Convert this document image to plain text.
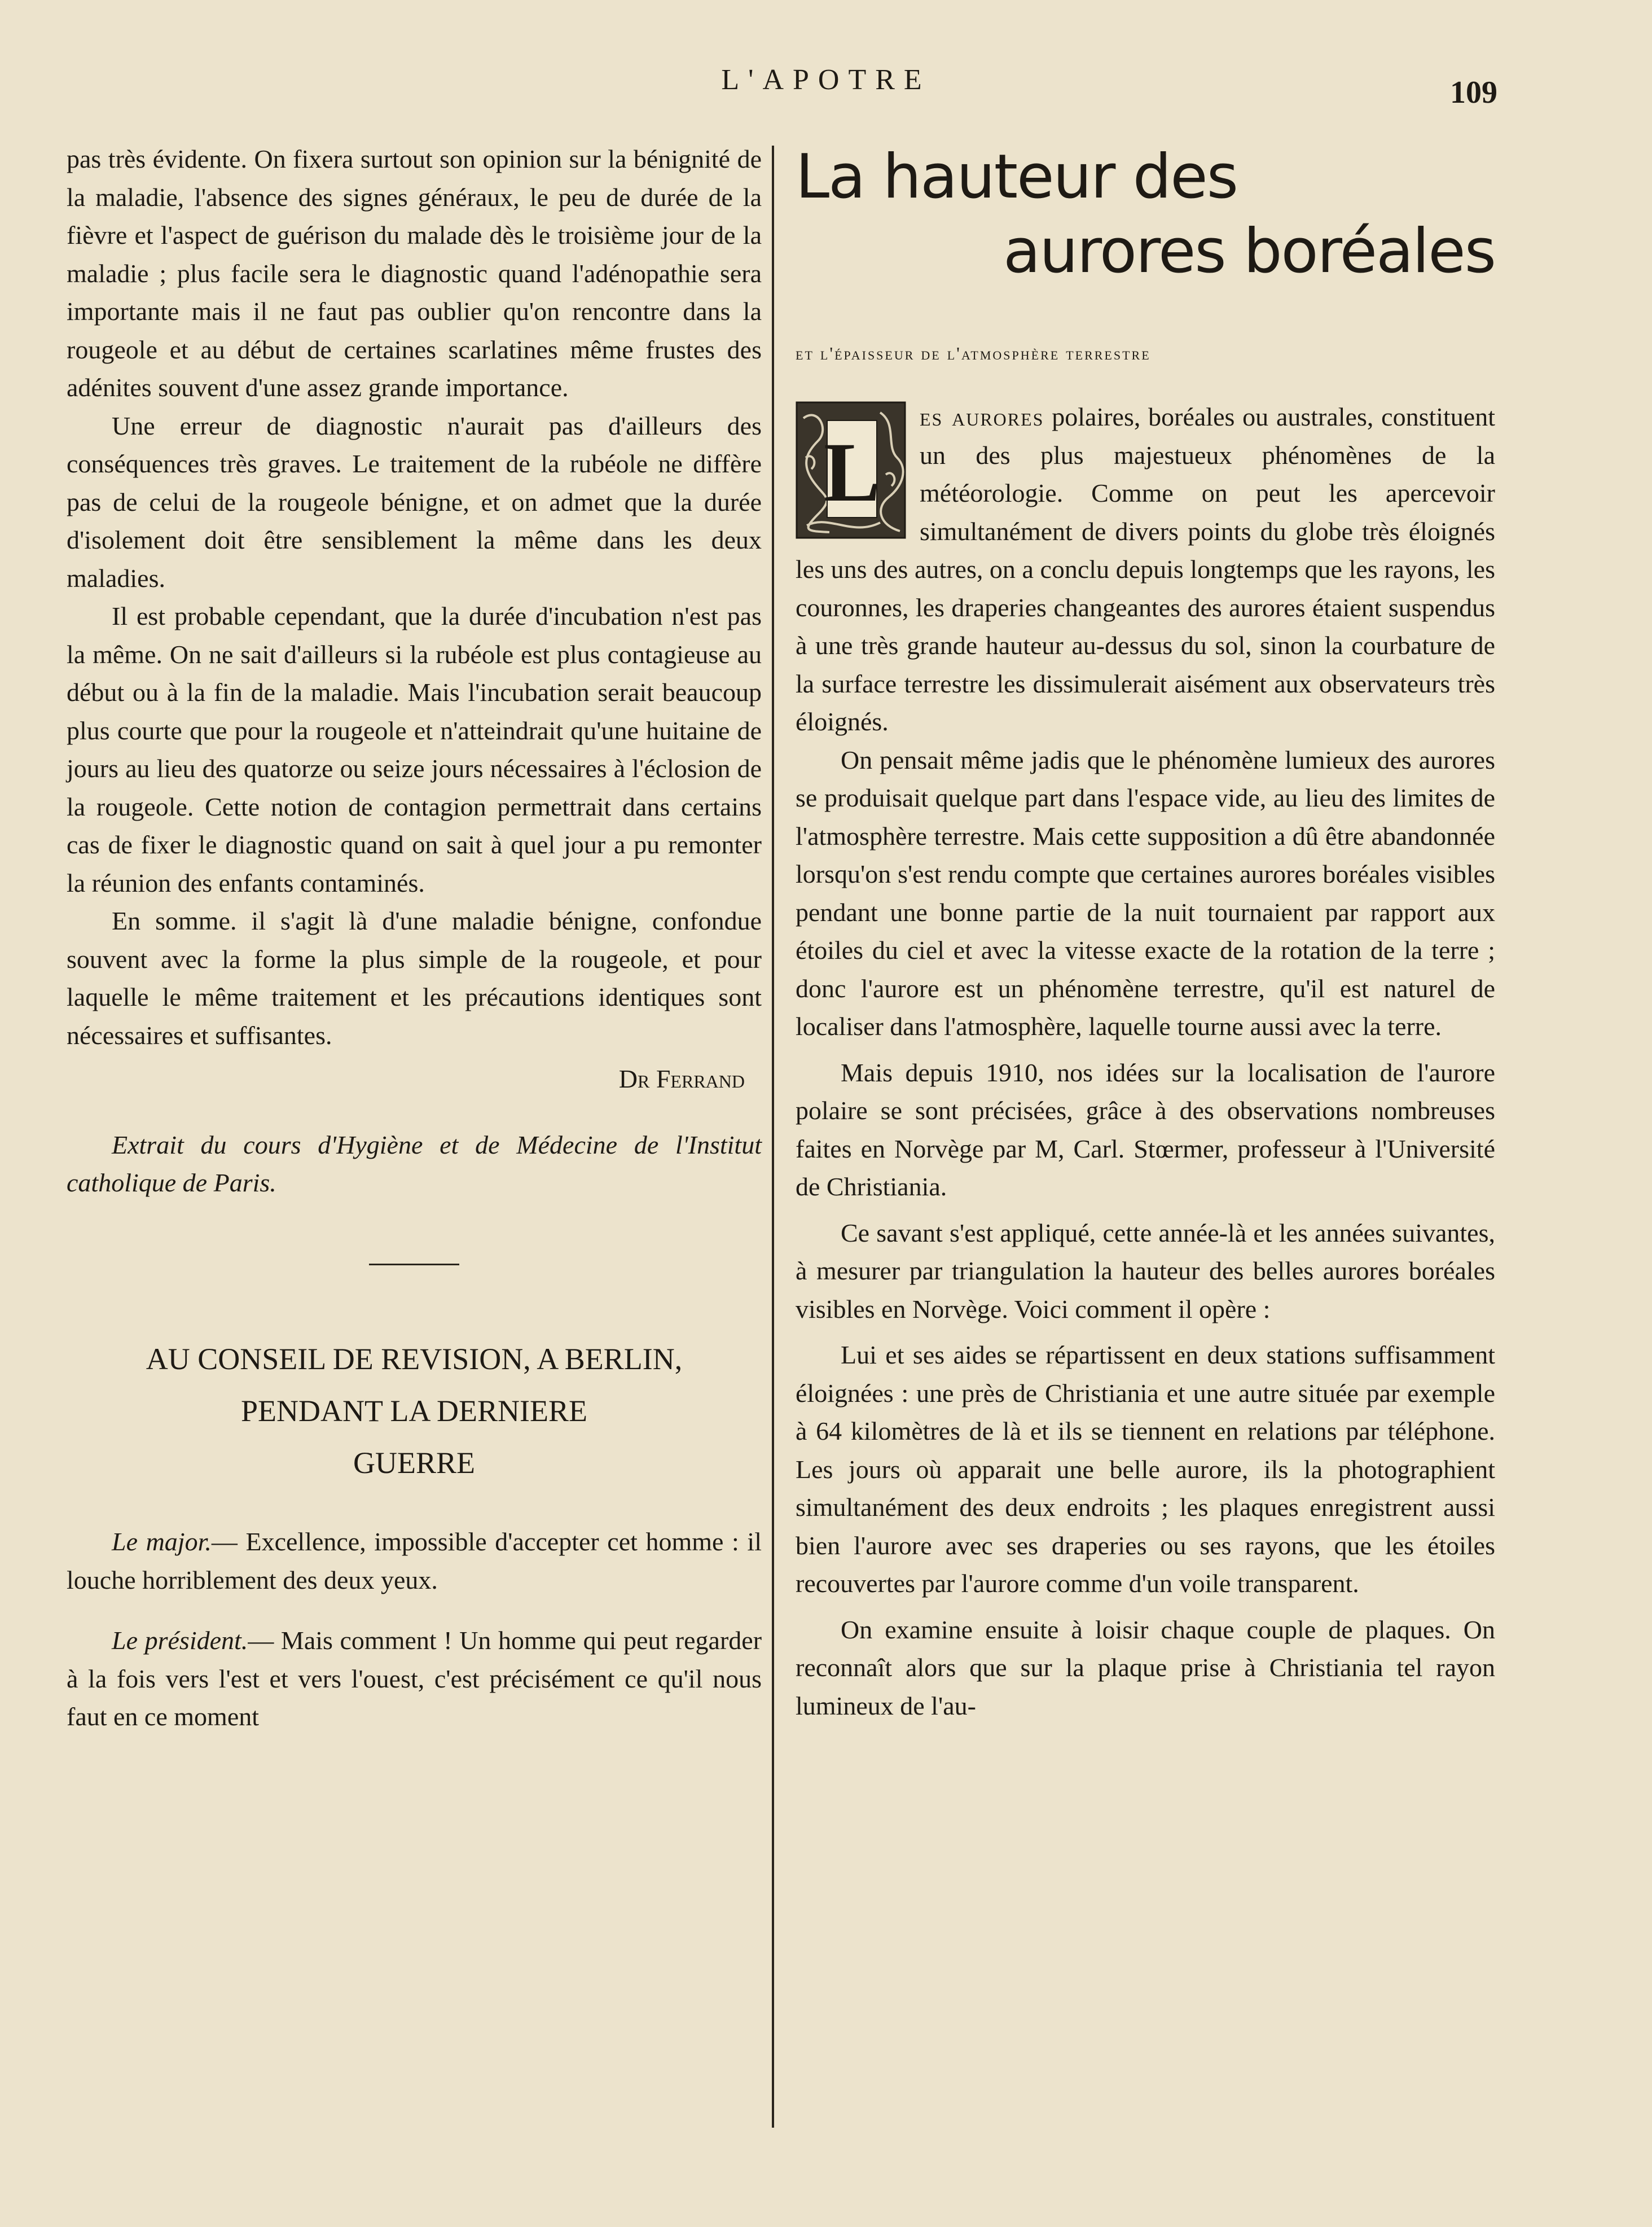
L'APOTRE	109

pas très évidente. On fixera surtout son opinion sur la bénignité de la maladie, l'absence des signes généraux, le peu de durée de la fièvre et l'aspect de guérison du malade dès le troisième jour de la maladie ; plus facile sera le diagnostic quand l'adénopathie sera importante mais il ne faut pas oublier qu'on rencontre dans la rougeole et au début de certaines scarlatines même frustes des adénites souvent d'une assez grande importance.

Une erreur de diagnostic n'aurait pas d'ailleurs des conséquences très graves. Le traitement de la rubéole ne diffère pas de celui de la rougeole bénigne, et on admet que la durée d'isolement doit être sensiblement la même dans les deux maladies.

Il est probable cependant, que la durée d'incubation n'est pas la même. On ne sait d'ailleurs si la rubéole est plus contagieuse au début ou à la fin de la maladie. Mais l'incubation serait beaucoup plus courte que pour la rougeole et n'atteindrait qu'une huitaine de jours au lieu des quatorze ou seize jours nécessaires à l'éclosion de la rougeole. Cette notion de contagion permettrait dans certains cas de fixer le diagnostic quand on sait à quel jour a pu remonter la réunion des enfants contaminés.

En somme. il s'agit là d'une maladie bénigne, confondue souvent avec la forme la plus simple de la rougeole, et pour laquelle le même traitement et les précautions identiques sont nécessaires et suffisantes.

Dr Ferrand

Extrait du cours d'Hygiène et de Médecine de l'Institut catholique de Paris.

AU CONSEIL DE REVISION, A BERLIN,
PENDANT LA DERNIERE
GUERRE

Le major.— Excellence, impossible d'accepter cet homme : il louche horriblement des deux yeux.

Le président.— Mais comment ! Un homme qui peut regarder à la fois vers l'est et vers l'ouest, c'est précisément ce qu'il nous faut en ce moment

La hauteur des
aurores boréales
et l'épaisseur de l'atmosphère terrestre
L

es aurores polaires, boréales ou australes, constituent un des plus majestueux phénomènes de la météorologie. Comme on peut les apercevoir simultanément de divers points du globe très éloignés les uns des autres, on a conclu depuis longtemps que les rayons, les couronnes, les draperies changeantes des aurores étaient suspendus à une très grande hauteur au-dessus du sol, sinon la courbature de la surface terrestre les dissimulerait aisément aux observateurs très éloignés.

On pensait même jadis que le phénomène lumieux des aurores se produisait quelque part dans l'espace vide, au lieu des limites de l'atmosphère terrestre. Mais cette supposition a dû être abandonnée lorsqu'on s'est rendu compte que certaines aurores boréales visibles pendant une bonne partie de la nuit tournaient par rapport aux étoiles du ciel et avec la vitesse exacte de la rotation de la terre ; donc l'aurore est un phénomène terrestre, qu'il est naturel de localiser dans l'atmosphère, laquelle tourne aussi avec la terre.

Mais depuis 1910, nos idées sur la localisation de l'aurore polaire se sont précisées, grâce à des observations nombreuses faites en Norvège par M, Carl. Stœrmer, professeur à l'Université de Christiania.

Ce savant s'est appliqué, cette année-là et les années suivantes, à mesurer par triangulation la hauteur des belles aurores boréales visibles en Norvège. Voici comment il opère :

Lui et ses aides se répartissent en deux stations suffisamment éloignées : une près de Christiania et une autre située par exemple à 64 kilomètres de là et ils se tiennent en relations par téléphone. Les jours où apparait une belle aurore, ils la photographient simultanément des deux endroits ; les plaques enregistrent aussi bien l'aurore avec ses draperies ou ses rayons, que les étoiles recouvertes par l'aurore comme d'un voile transparent.

On examine ensuite à loisir chaque couple de plaques. On reconnaît alors que sur la plaque prise à Christiania tel rayon lumineux de l'au-
